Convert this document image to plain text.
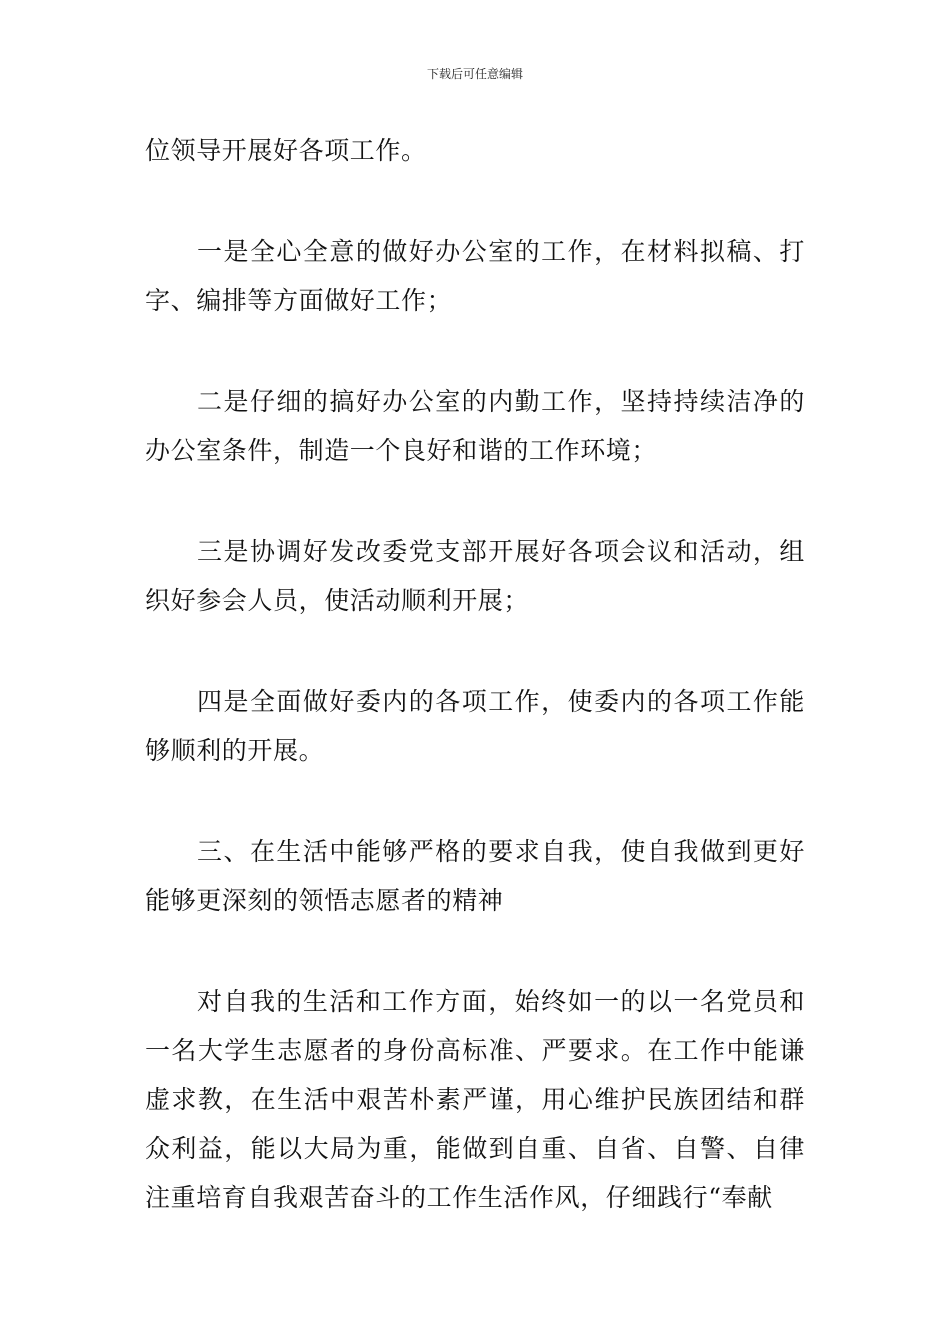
下载后可任意编辑

位领导开展好各项工作。

一是全心全意的做好办公室的工作，在材料拟稿、打字、编排等方面做好工作；

二是仔细的搞好办公室的内勤工作，坚持持续洁净的办公室条件，制造一个良好和谐的工作环境；

三是协调好发改委党支部开展好各项会议和活动，组织好参会人员，使活动顺利开展；

四是全面做好委内的各项工作，使委内的各项工作能够顺利的开展。

三、在生活中能够严格的要求自我，使自我做到更好能够更深刻的领悟志愿者的精神

对自我的生活和工作方面，始终如一的以一名党员和一名大学生志愿者的身份高标准、严要求。在工作中能谦虚求教，在生活中艰苦朴素严谨，用心维护民族团结和群众利益，能以大局为重，能做到自重、自省、自警、自律注重培育自我艰苦奋斗的工作生活作风，仔细践行“奉献
